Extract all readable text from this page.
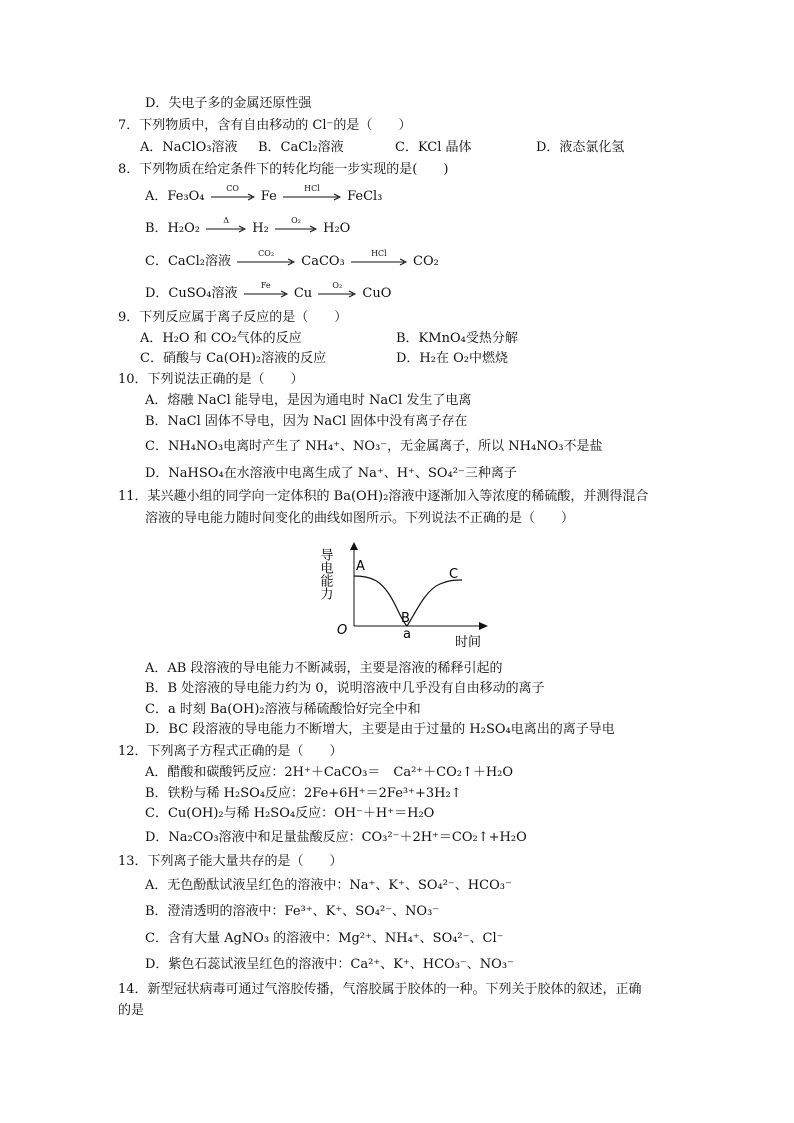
D．失电子多的金属还原性强
7．下列物质中，含有自由移动的 Cl⁻的是（　　）
A．NaClO₃溶液 B．CaCl₂溶液	C．KCl 晶体	D．液态氯化氢
8．下列物质在给定条件下的转化均能一步实现的是(　　)
A．Fe₃O₄
CO
Fe
HCl
FeCl₃
B．H₂O₂
Δ
H₂
O₂
H₂O
C．CaCl₂溶液
CO₂
CaCO₃
HCl
CO₂
D．CuSO₄溶液
Fe
Cu
O₂
CuO
9．下列反应属于离子反应的是（　　）
A．H₂O 和 CO₂气体的反应	B．KMnO₄受热分解
C．硝酸与 Ca(OH)₂溶液的反应	D．H₂在 O₂中燃烧
10．下列说法正确的是（　　）
A．熔融 NaCl 能导电，是因为通电时 NaCl 发生了电离
B．NaCl 固体不导电，因为 NaCl 固体中没有离子存在
C．NH₄NO₃电离时产生了 NH₄⁺、NO₃⁻，无金属离子，所以 NH₄NO₃不是盐
D．NaHSO₄在水溶液中电离生成了 Na⁺、H⁺、SO₄²⁻三种离子
11．某兴趣小组的同学向一定体积的 Ba(OH)₂溶液中逐渐加入等浓度的稀硫酸，并测得混合
溶液的导电能力随时间变化的曲线如图所示。下列说法不正确的是（　　）
导电能力
时间
O
A
B
C
a
A．AB 段溶液的导电能力不断减弱，主要是溶液的稀释引起的
B．B 处溶液的导电能力约为 0，说明溶液中几乎没有自由移动的离子
C．a 时刻 Ba(OH)₂溶液与稀硫酸恰好完全中和
D．BC 段溶液的导电能力不断增大，主要是由于过量的 H₂SO₄电离出的离子导电
12．下列离子方程式正确的是（　　）
A．醋酸和碳酸钙反应：2H⁺＋CaCO₃＝　Ca²⁺＋CO₂↑＋H₂O
B．铁粉与稀 H₂SO₄反应：2Fe+6H⁺＝2Fe³⁺+3H₂↑
C．Cu(OH)₂与稀 H₂SO₄反应：OH⁻＋H⁺＝H₂O
D．Na₂CO₃溶液中和足量盐酸反应：CO₃²⁻＋2H⁺＝CO₂↑+H₂O
13．下列离子能大量共存的是（　　）
A．无色酚酞试液呈红色的溶液中：Na⁺、K⁺、SO₄²⁻、HCO₃⁻
B．澄清透明的溶液中：Fe³⁺、K⁺、SO₄²⁻、NO₃⁻
C．含有大量 AgNO₃ 的溶液中：Mg²⁺、NH₄⁺、SO₄²⁻、Cl⁻
D．紫色石蕊试液呈红色的溶液中：Ca²⁺、K⁺、HCO₃⁻、NO₃⁻
14．新型冠状病毒可通过气溶胶传播，气溶胶属于胶体的一种。下列关于胶体的叙述，正确
的是
